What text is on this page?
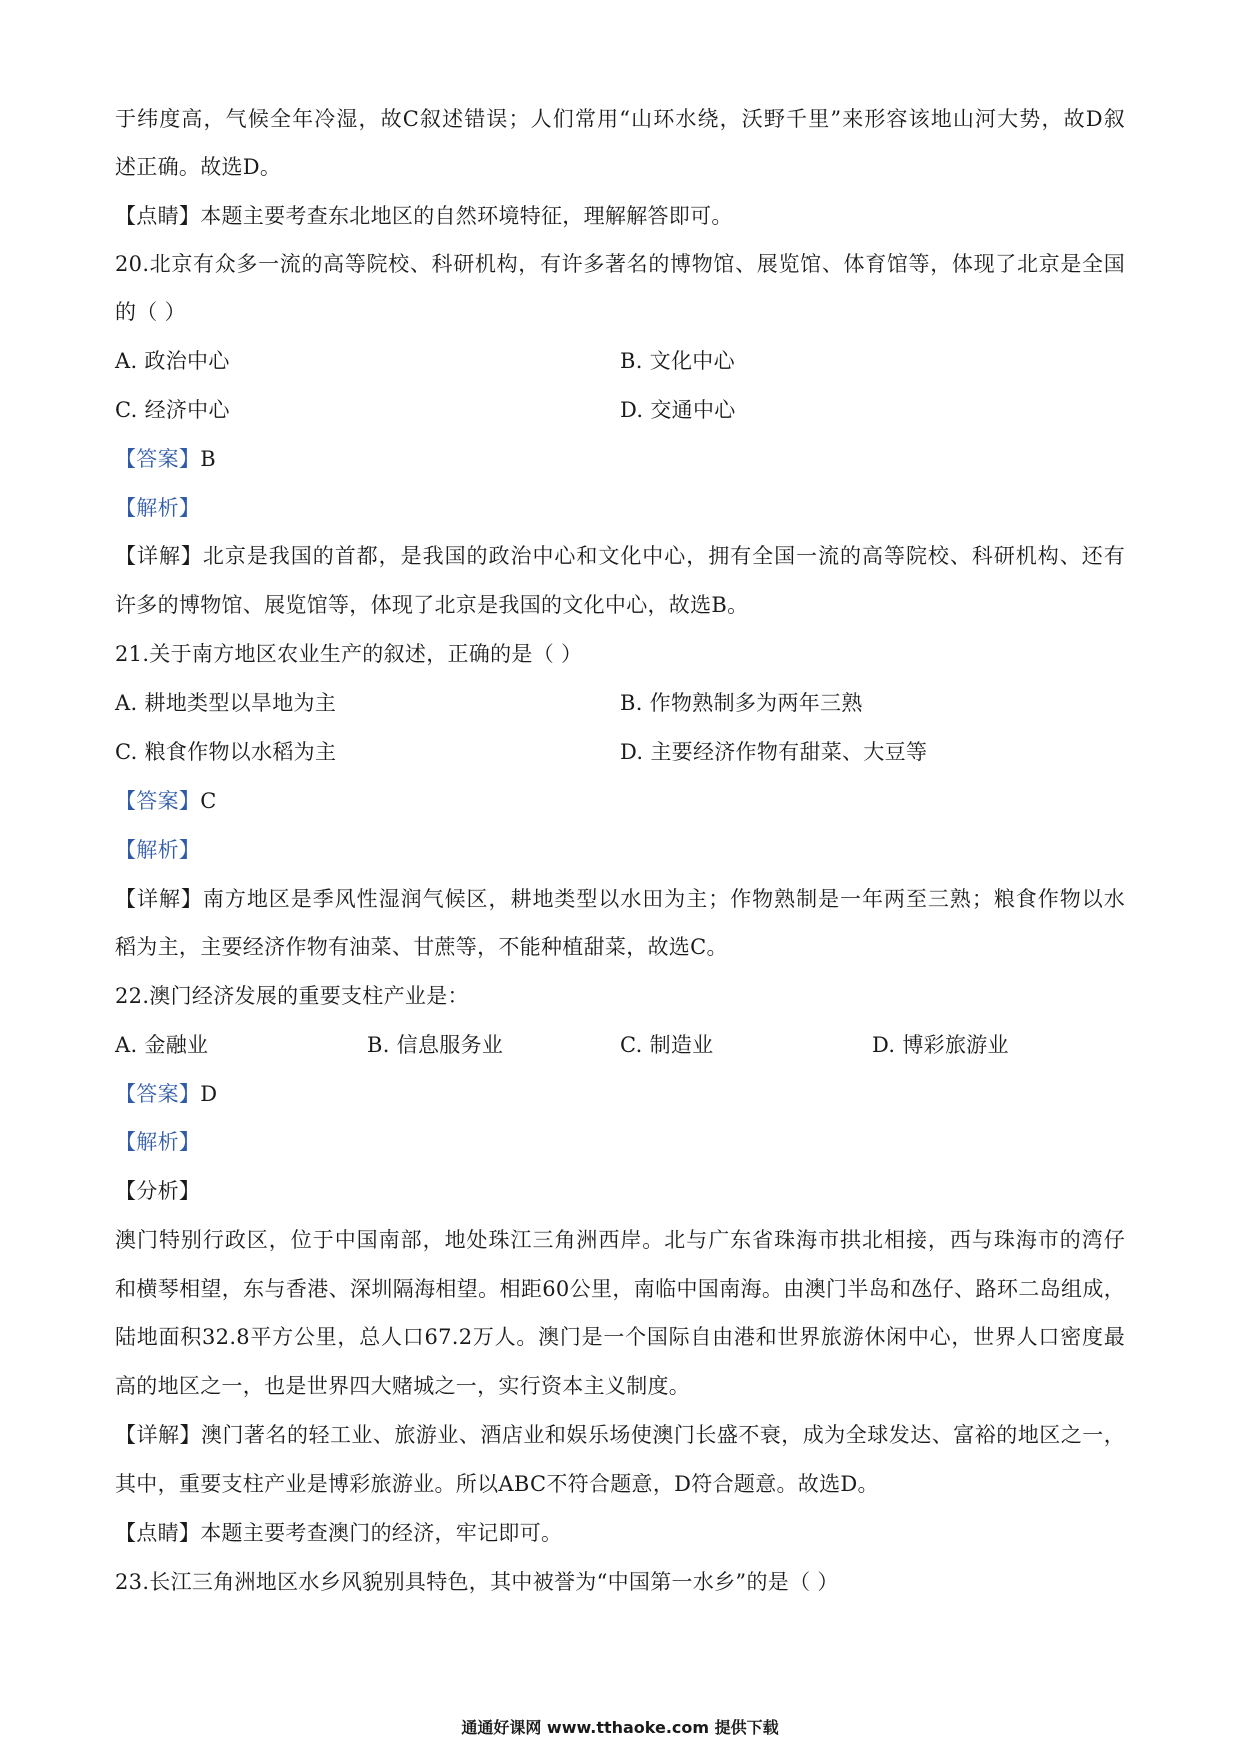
于纬度高，气候全年冷湿，故C叙述错误；人们常用“山环水绕，沃野千里”来形容该地山河大势，故D叙
述正确。故选D。
【点睛】本题主要考查东北地区的自然环境特征，理解解答即可。
20.北京有众多一流的高等院校、科研机构，有许多著名的博物馆、展览馆、体育馆等，体现了北京是全国
的（ ）
A. 政治中心	B. 文化中心
C. 经济中心	D. 交通中心
【答案】B
【解析】
【详解】北京是我国的首都，是我国的政治中心和文化中心，拥有全国一流的高等院校、科研机构、还有
许多的博物馆、展览馆等，体现了北京是我国的文化中心，故选B。
21.关于南方地区农业生产的叙述，正确的是（ ）
A. 耕地类型以旱地为主	B. 作物熟制多为两年三熟
C. 粮食作物以水稻为主	D. 主要经济作物有甜菜、大豆等
【答案】C
【解析】
【详解】南方地区是季风性湿润气候区，耕地类型以水田为主；作物熟制是一年两至三熟；粮食作物以水
稻为主，主要经济作物有油菜、甘蔗等，不能种植甜菜，故选C。
22.澳门经济发展的重要支柱产业是：
A. 金融业	B. 信息服务业	C. 制造业	D. 博彩旅游业
【答案】D
【解析】
【分析】
澳门特别行政区，位于中国南部，地处珠江三角洲西岸。北与广东省珠海市拱北相接，西与珠海市的湾仔
和横琴相望，东与香港、深圳隔海相望。相距60公里，南临中国南海。由澳门半岛和氹仔、路环二岛组成，
陆地面积32.8平方公里，总人口67.2万人。澳门是一个国际自由港和世界旅游休闲中心，世界人口密度最
高的地区之一，也是世界四大赌城之一，实行资本主义制度。
【详解】澳门著名的轻工业、旅游业、酒店业和娱乐场使澳门长盛不衰，成为全球发达、富裕的地区之一，
其中，重要支柱产业是博彩旅游业。所以ABC不符合题意，D符合题意。故选D。
【点睛】本题主要考查澳门的经济，牢记即可。
23.长江三角洲地区水乡风貌别具特色，其中被誉为“中国第一水乡”的是（ ）
通通好课网 www.tthaoke.com 提供下载
